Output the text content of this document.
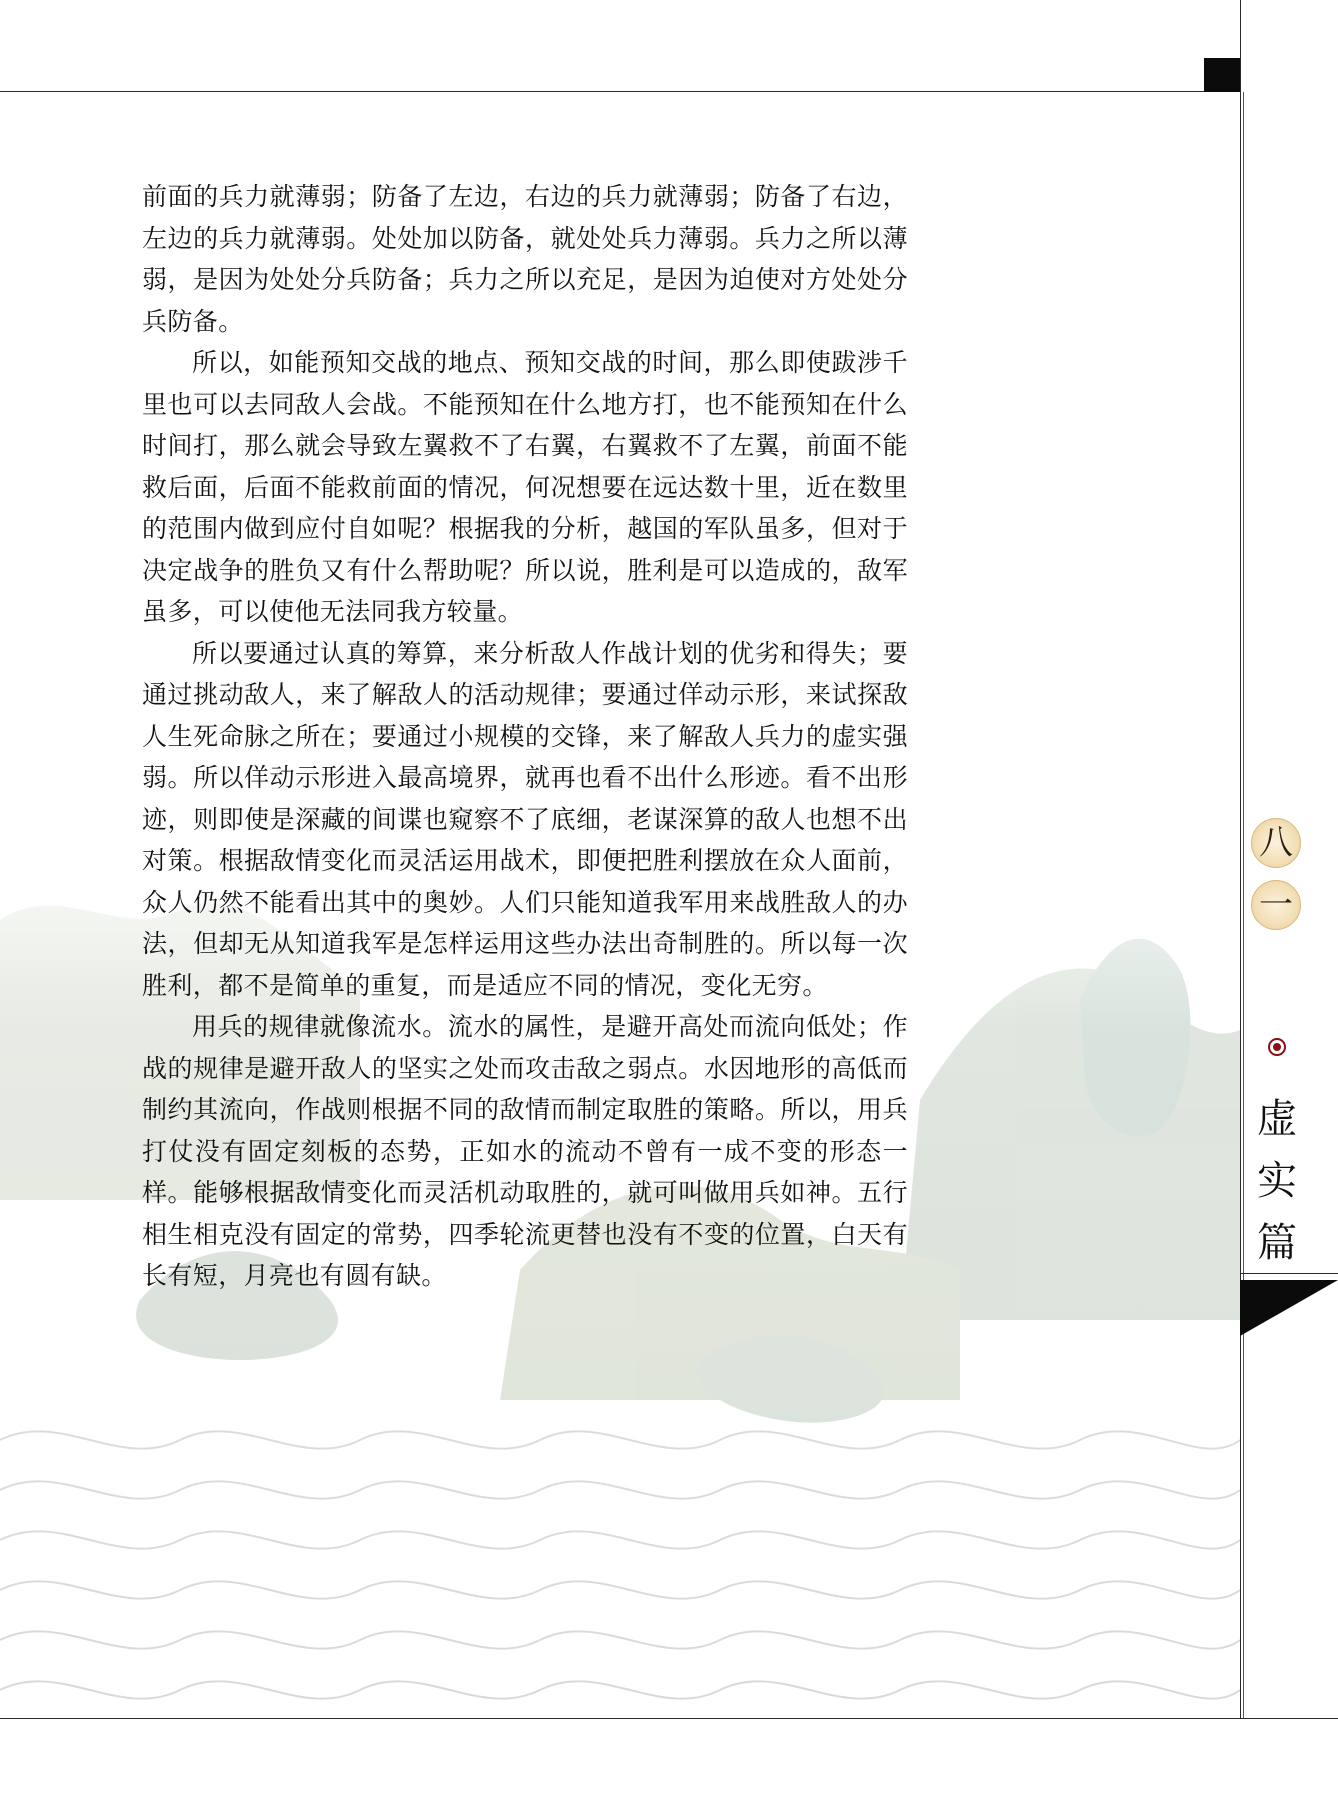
前面的兵力就薄弱；防备了左边，右边的兵力就薄弱；防备了右边，左边的兵力就薄弱。处处加以防备，就处处兵力薄弱。兵力之所以薄弱，是因为处处分兵防备；兵力之所以充足，是因为迫使对方处处分兵防备。

所以，如能预知交战的地点、预知交战的时间，那么即使跋涉千里也可以去同敌人会战。不能预知在什么地方打，也不能预知在什么时间打，那么就会导致左翼救不了右翼，右翼救不了左翼，前面不能救后面，后面不能救前面的情况，何况想要在远达数十里，近在数里的范围内做到应付自如呢？根据我的分析，越国的军队虽多，但对于决定战争的胜负又有什么帮助呢？所以说，胜利是可以造成的，敌军虽多，可以使他无法同我方较量。

所以要通过认真的筹算，来分析敌人作战计划的优劣和得失；要通过挑动敌人，来了解敌人的活动规律；要通过佯动示形，来试探敌人生死命脉之所在；要通过小规模的交锋，来了解敌人兵力的虚实强弱。所以佯动示形进入最高境界，就再也看不出什么形迹。看不出形迹，则即使是深藏的间谍也窥察不了底细，老谋深算的敌人也想不出对策。根据敌情变化而灵活运用战术，即便把胜利摆放在众人面前，众人仍然不能看出其中的奥妙。人们只能知道我军用来战胜敌人的办法，但却无从知道我军是怎样运用这些办法出奇制胜的。所以每一次胜利，都不是简单的重复，而是适应不同的情况，变化无穷。

用兵的规律就像流水。流水的属性，是避开高处而流向低处；作战的规律是避开敌人的坚实之处而攻击敌之弱点。水因地形的高低而制约其流向，作战则根据不同的敌情而制定取胜的策略。所以，用兵打仗没有固定刻板的态势，正如水的流动不曾有一成不变的形态一样。能够根据敌情变化而灵活机动取胜的，就可叫做用兵如神。五行相生相克没有固定的常势，四季轮流更替也没有不变的位置，白天有长有短，月亮也有圆有缺。

八
一
虚
实
篇
